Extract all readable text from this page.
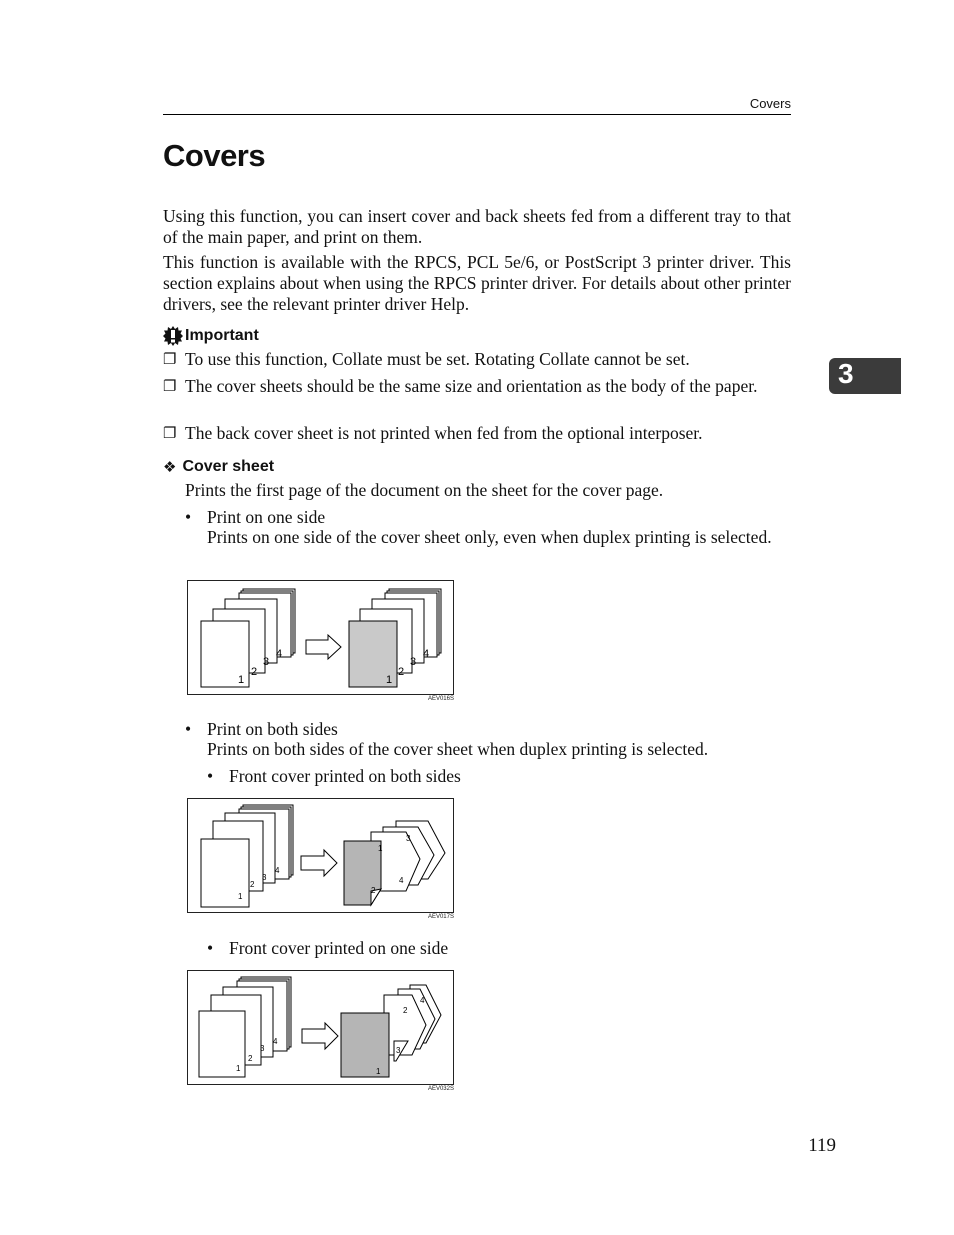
Covers
Covers

Using this function, you can insert cover and back sheets fed from a different tray to that of the main paper, and print on them.

This function is available with the RPCS, PCL 5e/6, or PostScript 3 printer driver. This section explains about when using the RPCS printer driver. For details about other printer drivers, see the relevant printer driver Help.

Important
❐ To use this function, Collate must be set. Rotating Collate cannot be set.
❐ The cover sheets should be the same size and orientation as the body of the paper.
❐ The back cover sheet is not printed when fed from the optional interposer.
❖ Cover sheet
Prints the first page of the document on the sheet for the cover page.
• Print on one side
Prints on one side of the cover sheet only, even when duplex printing is selected.
1
2
3
4
1
2
3
4
AEV016S
• Print on both sides
Prints on both sides of the cover sheet when duplex printing is selected.
• Front cover printed on both sides
1
2
3
4
1
2
3
4
AEV017S
• Front cover printed on one side
1
2
3
4
1
2
3
4
AEV032S
3
119
